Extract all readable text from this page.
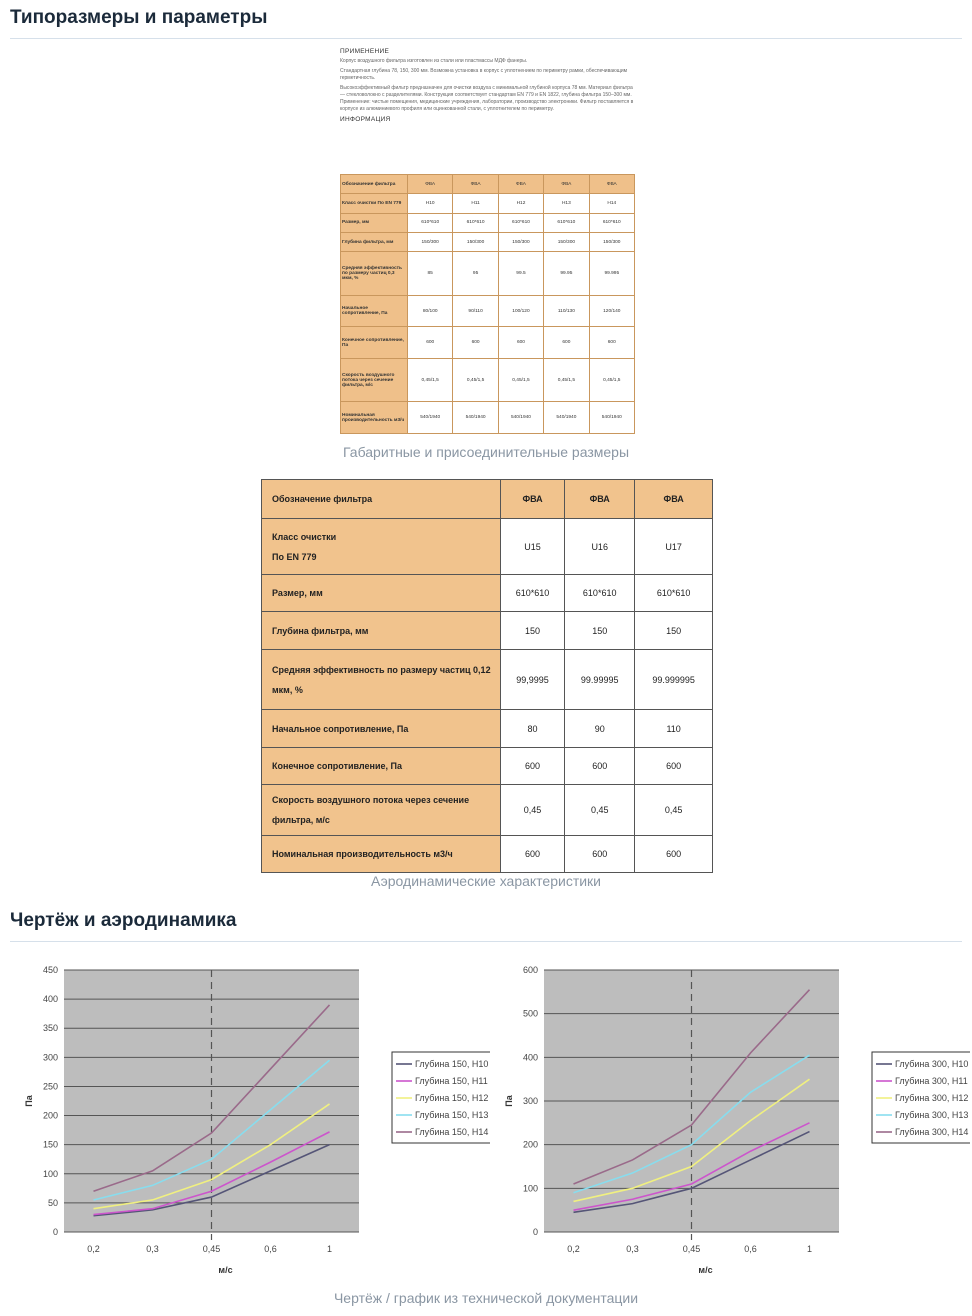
Типоразмеры и параметры

ПРИМЕНЕНИЕ

Корпус воздушного фильтра изготовлен из стали или пластмассы МДФ фанеры.

Стандартная глубина 78, 150, 300 мм. Возможна установка в корпус с уплотнением по периметру рамки, обеспечивающим герметичность.

Высокоэффективный фильтр предназначен для очистки воздуха с минимальной глубиной корпуса 78 мм. Материал фильтра — стекловолокно с разделителями. Конструкция соответствует стандартам EN 779 и EN 1822, глубина фильтра 150–300 мм. Применение: чистые помещения, медицинские учреждения, лаборатории, производство электроники. Фильтр поставляется в корпусе из алюминиевого профиля или оцинкованной стали, с уплотнителем по периметру.

ИНФОРМАЦИЯ

Обозначение фильтра	ФВА	ФВА	ФВА	ФВА	ФВА
Класс очистки По EN 779	H10	H11	H12	H13	H14
Размер, мм	610*610	610*610	610*610	610*610	610*610
Глубина фильтра, мм	150/300	150/300	150/300	150/300	150/300
Средняя эффективность по размеру частиц 0,3 мкм, %	85	95	99.5	99.95	99.995
Начальное сопротивление, Па	80/100	90/110	100/120	110/130	120/140
Конечное сопротивление, Па	600	600	600	600	600
Скорость воздушного потока через сечение фильтра, м/с	0,45/1,5	0,45/1,5	0,45/1,5	0,45/1,5	0,45/1,5
Номинальная производительность м3/ч	540/1940	540/1940	540/1940	540/1940	540/1940
Габаритные и присоединительные размеры
Обозначение фильтра	ФВА	ФВА	ФВА

Класс очистки
По EN 779	U15	U16	U17

Размер, мм	610*610	610*610	610*610

Глубина фильтра, мм	150	150	150

Средняя эффективность по размеру частиц 0,12
мкм, %	99,9995	99.99995	99.999995

Начальное сопротивление, Па	80	90	110

Конечное сопротивление, Па	600	600	600

Скорость воздушного потока через сечение
фильтра, м/с	0,45	0,45	0,45

Номинальная производительность м3/ч	600	600	600
Аэродинамические характеристики
Чертёж и аэродинамика
0
50
100
150
200
250
300
350
400
450
0,2	0,3	0,45	0,6	1
м/с
Па
Глубина 150, H10
Глубина 150, H11
Глубина 150, H12
Глубина 150, H13
Глубина 150, H14
0
100
200
300
400
500
600
0,2	0,3	0,45	0,6	1
м/с
Па
Глубина 300, H10
Глубина 300, H11
Глубина 300, H12
Глубина 300, H13
Глубина 300, H14
Чертёж / график из технической документации
